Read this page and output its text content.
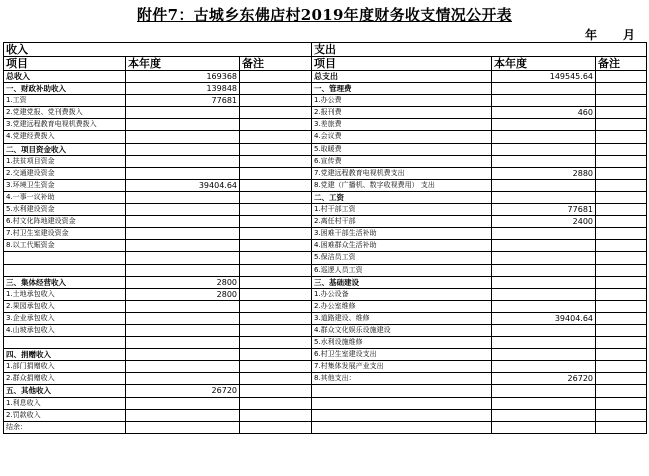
附件7：古城乡东佛店村2019年度财务收支情况公开表
年 月
收入			支出		
项目	本年度	备注	项目	本年度	备注
总收入	169368		总支出	149545.64	
一、财政补助收入	139848		一、管理费		
1.工资	77681		1.办公费		
2.党建党报、党刊费拨入			2.报刊费	460	
3.党建远程教育电视机费拨入			3.差旅费		
4.党建经费拨入			4.会议费		
二、项目资金收入			5.取暖费		
1.扶贫项目资金			6.宣传费		
2.交通建设资金			7.党建远程教育电视机费支出	2880	
3.环境卫生资金	39404.64		8.党建（广播机、数字收视费用） 支出		
4.一事一议补助			二、工资		
5.水利建设资金			1.村干部工资	77681	
6.村文化阵地建设资金			2.离任村干部	2400	
7.村卫生室建设资金			3.困难干部生活补助		
8.以工代赈资金			4.困难群众生活补助		
			5.保洁员工资		
			6.巡逻人员工资		
三、集体经营收入	2800		三、基础建设		
1.土地承包收入	2800		1.办公设备		
2.果园承包收入			2.办公室维修		
3.企业承包收入			3.道路建设、维修	39404.64	
4.山坡承包收入			4.群众文化娱乐设施建设		
			5.水利设施维修		
四、捐赠收入			6.村卫生室建设支出		
1.部门捐赠收入			7.村集体发展产业支出		
2.群众捐赠收入			8.其他支出：	26720	
五、其他收入	26720				
1.利息收入					
2.罚款收入					
结余：					
